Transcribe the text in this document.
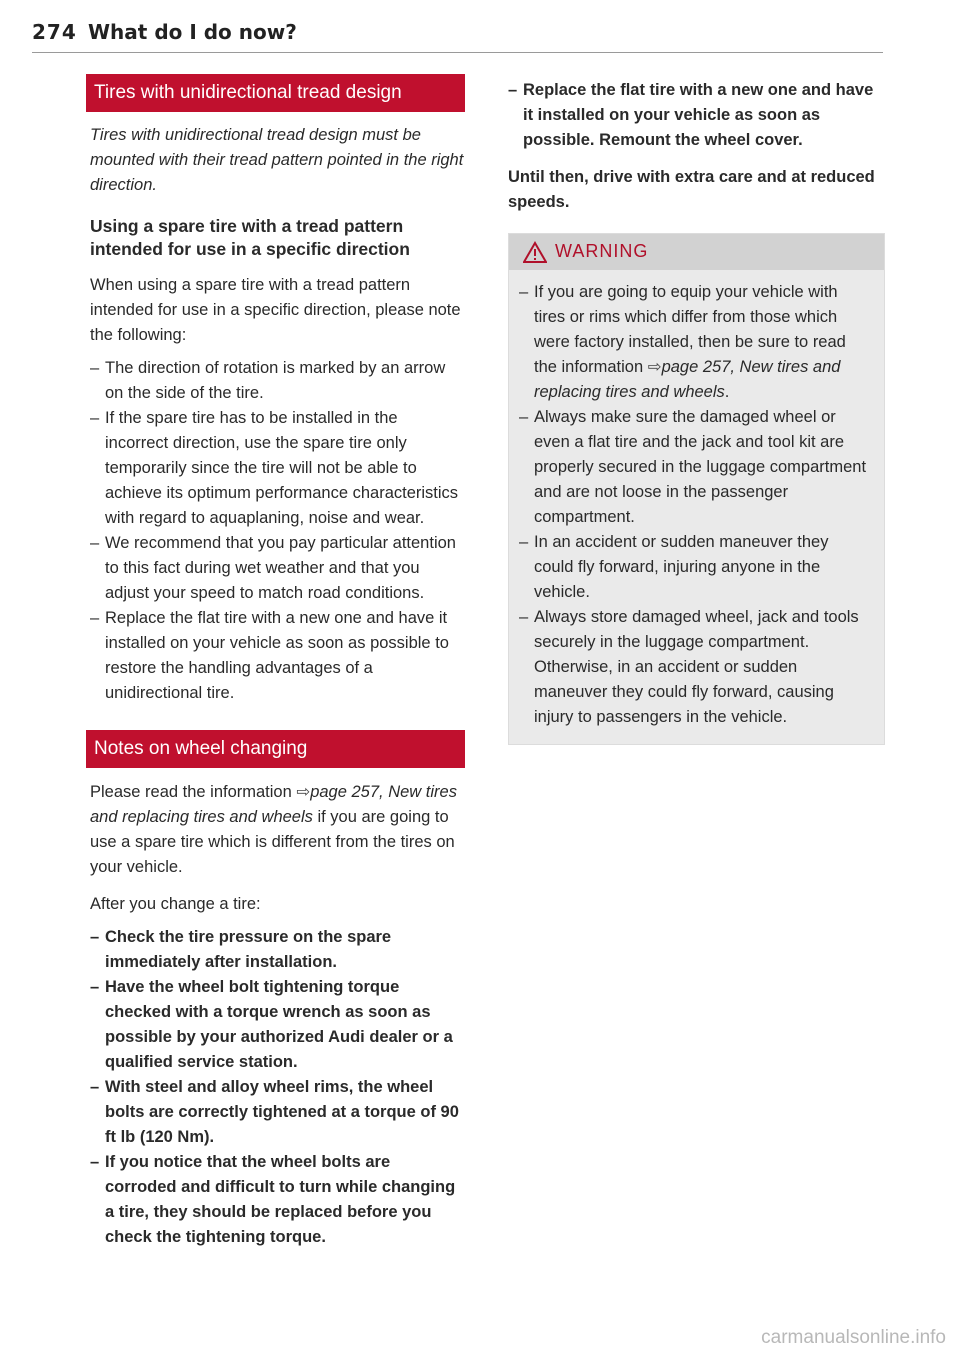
274 What do I do now?
Tires with unidirectional tread design

Tires with unidirectional tread design must be mounted with their tread pattern pointed in the right direction.

Using a spare tire with a tread pattern intended for use in a specific direction

When using a spare tire with a tread pattern intended for use in a specific direction, please note the following:

– The direction of rotation is marked by an arrow on the side of the tire.
– If the spare tire has to be installed in the incorrect direction, use the spare tire only temporarily since the tire will not be able to achieve its optimum performance characteristics with regard to aquaplaning, noise and wear.
– We recommend that you pay particular attention to this fact during wet weather and that you adjust your speed to match road conditions.
– Replace the flat tire with a new one and have it installed on your vehicle as soon as possible to restore the handling advantages of a unidirectional tire.
Notes on wheel changing

Please read the information ⇨page 257, New tires and replacing tires and wheels if you are going to use a spare tire which is different from the tires on your vehicle.

After you change a tire:

– Check the tire pressure on the spare immediately after installation.
– Have the wheel bolt tightening torque checked with a torque wrench as soon as possible by your authorized Audi dealer or a qualified service station.
– With steel and alloy wheel rims, the wheel bolts are correctly tightened at a torque of 90 ft lb (120 Nm).
– If you notice that the wheel bolts are corroded and difficult to turn while changing a tire, they should be replaced before you check the tightening torque.
– Replace the flat tire with a new one and have it installed on your vehicle as soon as possible. Remount the wheel cover.

Until then, drive with extra care and at reduced speeds.

WARNING
– If you are going to equip your vehicle with tires or rims which differ from those which were factory installed, then be sure to read the information ⇨page 257, New tires and replacing tires and wheels.
– Always make sure the damaged wheel or even a flat tire and the jack and tool kit are properly secured in the luggage compartment and are not loose in the passenger compartment.
– In an accident or sudden maneuver they could fly forward, injuring anyone in the vehicle.
– Always store damaged wheel, jack and tools securely in the luggage compartment. Otherwise, in an accident or sudden maneuver they could fly forward, causing injury to passengers in the vehicle.
carmanualsonline.info
